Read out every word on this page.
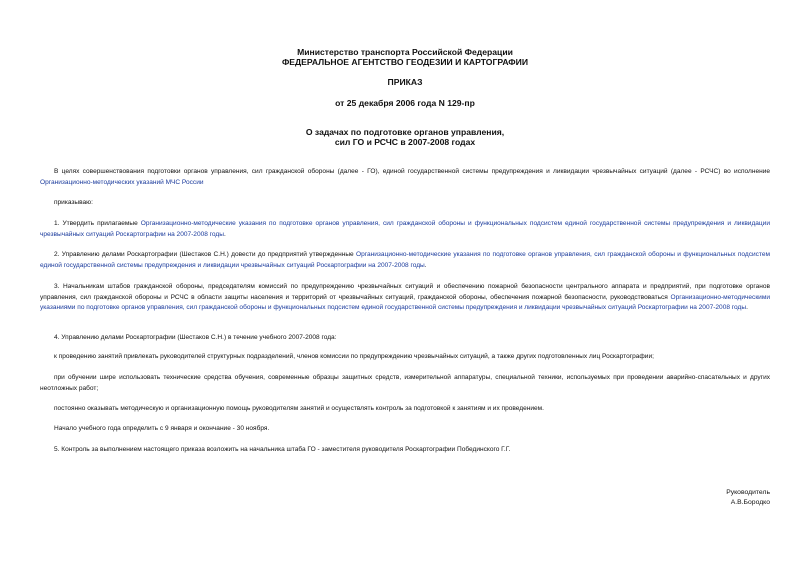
Министерство транспорта Российской Федерации
ФЕДЕРАЛЬНОЕ АГЕНТСТВО ГЕОДЕЗИИ И КАРТОГРАФИИ
ПРИКАЗ
от 25 декабря 2006 года N 129-пр
О задачах по подготовке органов управления,
сил ГО и РСЧС в 2007-2008 годах
В целях совершенствования подготовки органов управления, сил гражданской обороны (далее - ГО), единой государственной системы предупреждения и ликвидации чрезвычайных ситуаций (далее - РСЧС) во исполнение Организационно-методических указаний МЧС России
приказываю:
1. Утвердить прилагаемые Организационно-методические указания по подготовке органов управления, сил гражданской обороны и функциональных подсистем единой государственной системы предупреждения и ликвидации чрезвычайных ситуаций Роскартографии на 2007-2008 годы.
2. Управлению делами Роскартографии (Шестаков С.Н.) довести до предприятий утвержденные Организационно-методические указания по подготовке органов управления, сил гражданской обороны и функциональных подсистем единой государственной системы предупреждения и ликвидации чрезвычайных ситуаций Роскартографии на 2007-2008 годы.
3. Начальникам штабов гражданской обороны, председателям комиссий по предупреждению чрезвычайных ситуаций и обеспечению пожарной безопасности центрального аппарата и предприятий, при подготовке органов управления, сил гражданской обороны и РСЧС в области защиты населения и территорий от чрезвычайных ситуаций, гражданской обороны, обеспечения пожарной безопасности, руководствоваться Организационно-методическими указаниями по подготовке органов управления, сил гражданской обороны и функциональных подсистем единой государственной системы предупреждения и ликвидации чрезвычайных ситуаций Роскартографии на 2007-2008 годы.
4. Управлению делами Роскартографии (Шестаков С.Н.) в течение учебного 2007-2008 года:
к проведению занятий привлекать руководителей структурных подразделений, членов комиссии по предупреждению чрезвычайных ситуаций, а также других подготовленных лиц Роскартографии;
при обучении шире использовать технические средства обучения, современные образцы защитных средств, измерительной аппаратуры, специальной техники, используемых при проведении аварийно-спасательных и других неотложных работ;
постоянно оказывать методическую и организационную помощь руководителям занятий и осуществлять контроль за подготовкой к занятиям и их проведением.
Начало учебного года определить с 9 января и окончание - 30 ноября.
5. Контроль за выполнением настоящего приказа возложить на начальника штаба ГО - заместителя руководителя Роскартографии Побединского Г.Г.
Руководитель
А.В.Бородко
